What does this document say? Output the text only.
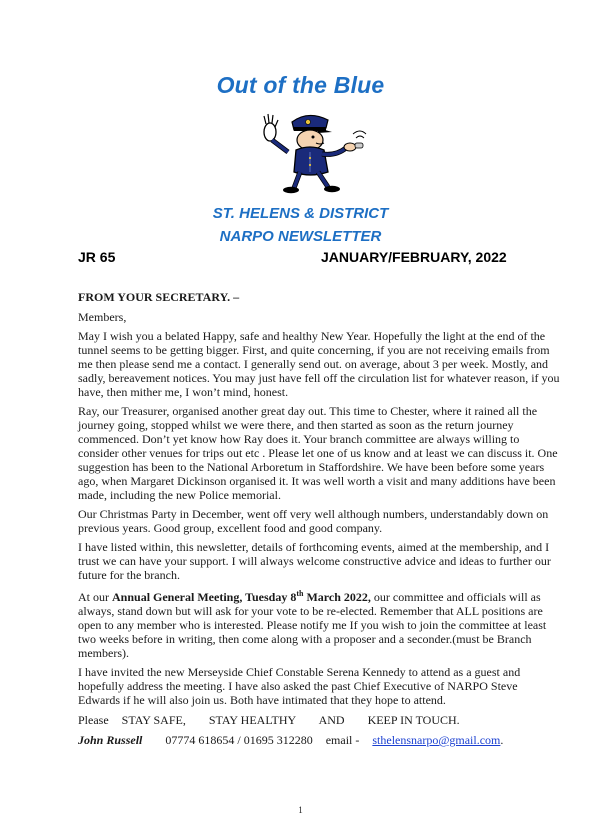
Out of the Blue
ST. HELENS & DISTRICT
NARPO NEWSLETTER
JR 65	JANUARY/FEBRUARY, 2022

FROM YOUR SECRETARY. –

Members,

May I wish you a belated Happy, safe and healthy New Year. Hopefully the light at the end of the tunnel seems to be getting bigger. First, and quite concerning, if you are not receiving emails from me then please send me a contact. I generally send out. on average, about 3 per week. Mostly, and sadly, bereavement notices. You may just have fell off the circulation list for whatever reason, if you have, then mither me, I won’t mind, honest.

Ray, our Treasurer, organised another great day out. This time to Chester, where it rained all the journey going, stopped whilst we were there, and then started as soon as the return journey commenced. Don’t yet know how Ray does it. Your branch committee are always willing to consider other venues for trips out etc . Please let one of us know and at least we can discuss it. One suggestion has been to the National Arboretum in Staffordshire. We have been before some years ago, when Margaret Dickinson organised it. It was well worth a visit and many additions have been made, including the new Police memorial.

Our Christmas Party in December, went off very well although numbers, understandably down on previous years. Good group, excellent food and good company.

I have listed within, this newsletter, details of forthcoming events, aimed at the membership, and I trust we can have your support. I will always welcome constructive advice and ideas to further our future for the branch.

At our Annual General Meeting, Tuesday 8th March 2022, our committee and officials will as always, stand down but will ask for your vote to be re-elected. Remember that ALL positions are open to any member who is interested. Please notify me If you wish to join the committee at least two weeks before in writing, then come along with a proposer and a seconder.(must be Branch members).

I have invited the new Merseyside Chief Constable Serena Kennedy to attend as a guest and hopefully address the meeting. I have also asked the past Chief Executive of NARPO Steve Edwards if he will also join us. Both have intimated that they hope to attend.

Please STAY SAFE, STAY HEALTHY AND KEEP IN TOUCH.

John Russell 07774 618654 / 01695 312280 email - sthelensnarpo@gmail.com.

1
